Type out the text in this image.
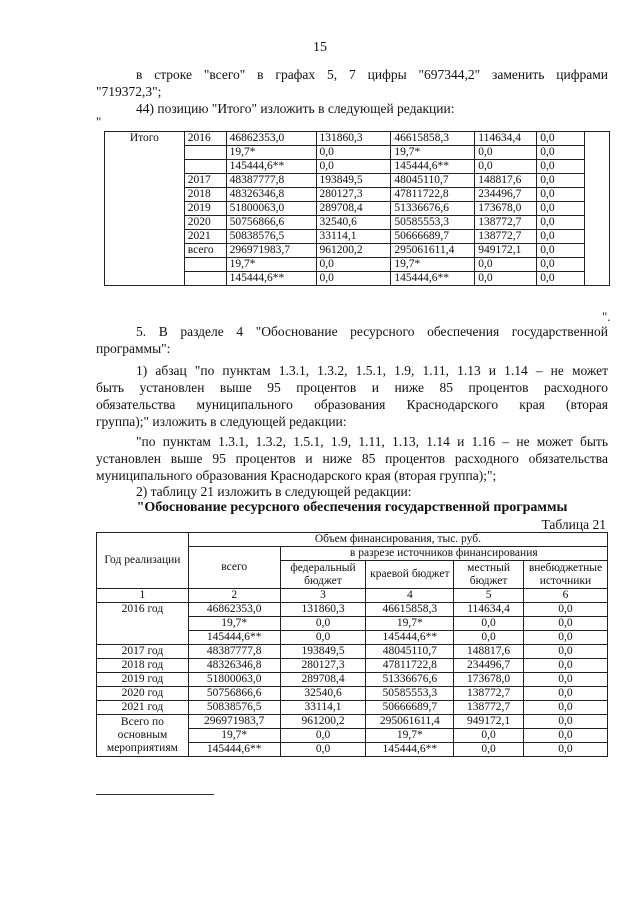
15

в строке "всего" в графах 5, 7 цифры "697344,2" заменить цифрами

"719372,3";

44) позицию "Итого" изложить в следующей редакции:

"
Итого	2016	46862353,0	131860,3	46615858,3	114634,4	0,0	
		19,7*	0,0	19,7*	0,0	0,0	
		145444,6**	0,0	145444,6**	0,0	0,0	
	2017	48387777,8	193849,5	48045110,7	148817,6	0,0	
	2018	48326346,8	280127,3	47811722,8	234496,7	0,0	
	2019	51800063,0	289708,4	51336676,6	173678,0	0,0	
	2020	50756866,6	32540,6	50585553,3	138772,7	0,0	
	2021	50838576,5	33114,1	50666689,7	138772,7	0,0	
	всего	296971983,7	961200,2	295061611,4	949172,1	0,0	
		19,7*	0,0	19,7*	0,0	0,0	
		145444,6**	0,0	145444,6**	0,0	0,0	
".

5. В разделе 4 "Обоснование ресурсного обеспечения государственной

программы":

1) абзац "по пунктам 1.3.1, 1.3.2, 1.5.1, 1.9, 1.11, 1.13 и 1.14 – не может

быть установлен выше 95 процентов и ниже 85 процентов расходного

обязательства муниципального образования Краснодарского края (вторая

группа);" изложить в следующей редакции:

"по пунктам 1.3.1, 1.3.2, 1.5.1, 1.9, 1.11, 1.13, 1.14 и 1.16 – не может быть

установлен выше 95 процентов и ниже 85 процентов расходного обязательства

муниципального образования Краснодарского края (вторая группа);";

2) таблицу 21 изложить в следующей редакции:

"Обоснование ресурсного обеспечения государственной программы
Таблица 21
Год реализации	Объем финансирования, тыс. руб.				
	всего	в разрезе источников финансирования			
		федеральный бюджет	краевой бюджет	местный бюджет	внебюджетные источники
1	2	3	4	5	6
2016 год	46862353,0	131860,3	46615858,3	114634,4	0,0
	19,7*	0,0	19,7*	0,0	0,0
	145444,6**	0,0	145444,6**	0,0	0,0
2017 год	48387777,8	193849,5	48045110,7	148817,6	0,0
2018 год	48326346,8	280127,3	47811722,8	234496,7	0,0
2019 год	51800063,0	289708,4	51336676,6	173678,0	0,0
2020 год	50756866,6	32540,6	50585553,3	138772,7	0,0
2021 год	50838576,5	33114,1	50666689,7	138772,7	0,0
Всего по основным мероприятиям	296971983,7	961200,2	295061611,4	949172,1	0,0
	19,7*	0,0	19,7*	0,0	0,0
	145444,6**	0,0	145444,6**	0,0	0,0
